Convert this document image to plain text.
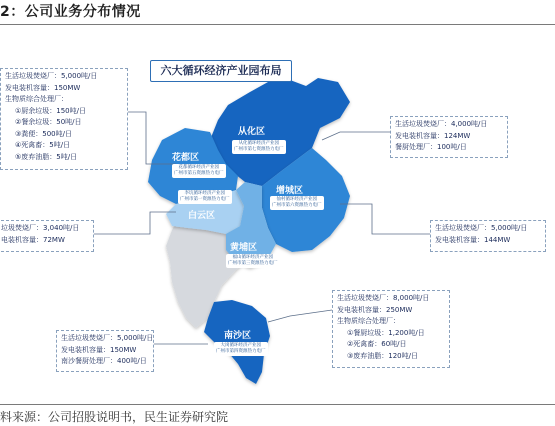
2：公司业务分布情况
六大循环经济产业园布局
从化区
花都区
白云区
增城区
黄埔区
南沙区
从化循环经济产业园
广州市第七资源热力电厂
花都循环经济产业园
广州市第五资源热力电厂
李坑循环经济产业园
广州市第一资源热力电厂	仙村循环经济产业园
广州市第六资源热力电厂
福山循环经济产业园
广州市第三资源热力电厂
大岗循环经济产业园
广州市第四资源热力电厂
生活垃圾焚烧厂：5,000吨/日
发电装机容量：150MW
生物质综合处理厂：
①厨余垃圾：150吨/日
②餐余垃圾：50吨/日
③粪便：500吨/日
④死禽畜：5吨/日
⑤废弃油脂：5吨/日
垃圾焚烧厂：3,040吨/日
电装机容量：72MW
生活垃圾焚烧厂：4,000吨/日
发电装机容量：124MW
餐厨处理厂：100吨/日
生活垃圾焚烧厂：5,000吨/日
发电装机容量：144MW
生活垃圾焚烧厂：8,000吨/日
发电装机容量：250MW
生物质综合处理厂：
①餐厨垃圾：1,200吨/日
②死禽畜：60吨/日
③废弃油脂：120吨/日
生活垃圾焚烧厂：5,000吨/日
发电装机容量：150MW
南沙餐厨处理厂：400吨/日
料来源：公司招股说明书，民生证券研究院
